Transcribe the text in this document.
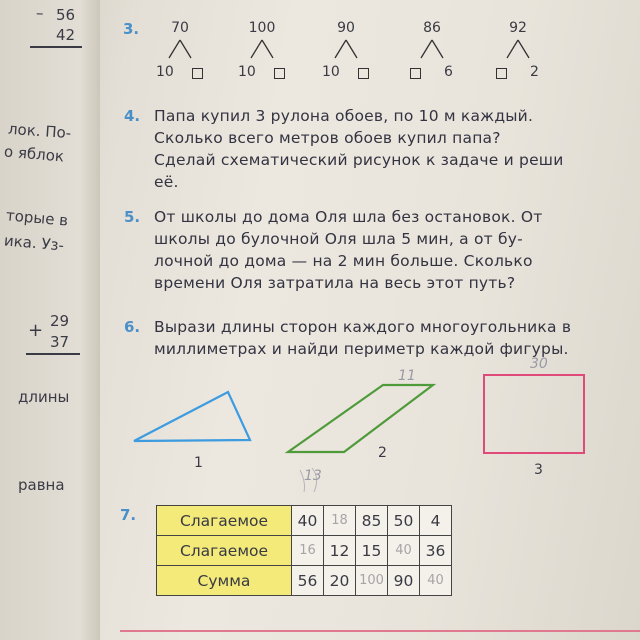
– 56
42
лок. По-
о яблок
торые в
ика. Уз-
+ 29
37
длины
равна
3.	70
10
100
10
90
10
86
6
92
2
4. Папа купил 3 рулона обоев, по 10 м каждый.
Сколько всего метров обоев купил папа?
Сделай схематический рисунок к задаче и реши
её.
5. От школы до дома Оля шла без остановок. От
школы до булочной Оля шла 5 мин, а от бу-
лочной до дома — на 2 мин больше. Сколько
времени Оля затратила на весь этот путь?
6. Вырази длины сторон каждого многоугольника в
миллиметрах и найди периметр каждой фигуры.
11
13
30
1
2
3
7.	Слагаемое	40	18	85	50	4
Слагаемое	16	12	15	40	36
Сумма	56	20	100	90	40
